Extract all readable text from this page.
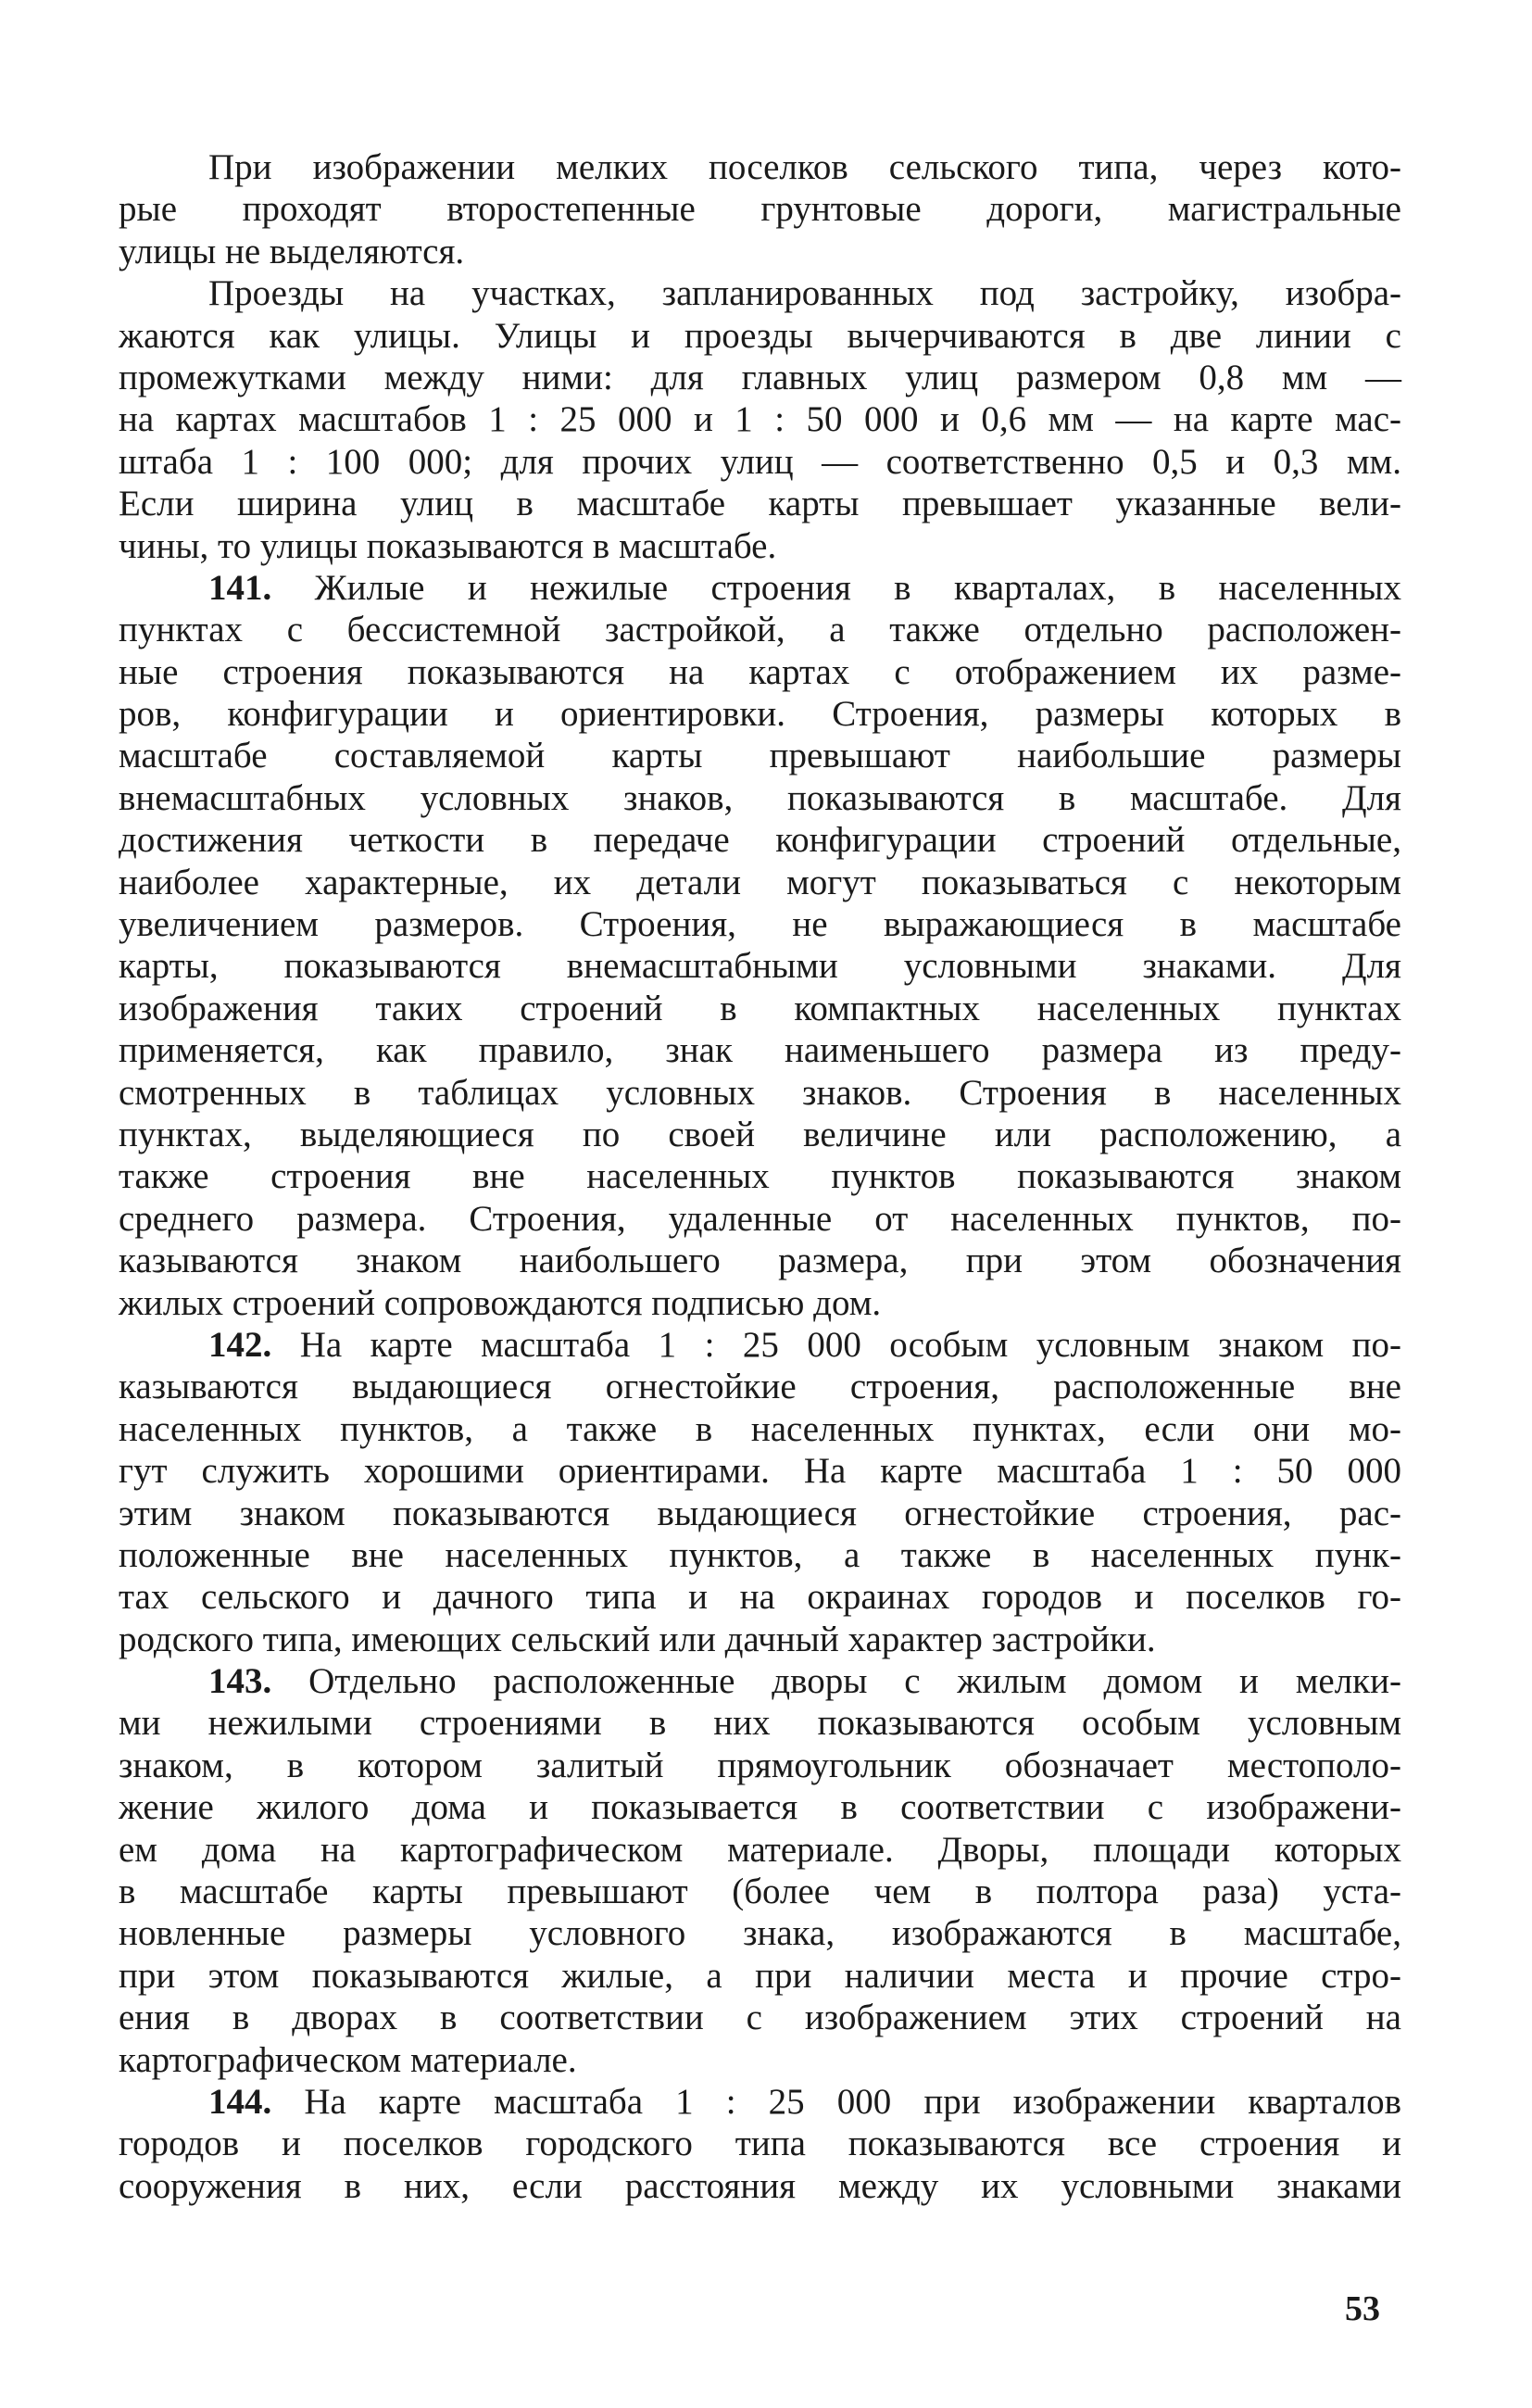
При изображении мелких поселков сельского типа, через кото-
рые проходят второстепенные грунтовые дороги, магистральные
улицы не выделяются.
Проезды на участках, запланированных под застройку, изобра-
жаются как улицы. Улицы и проезды вычерчиваются в две линии с
промежутками между ними: для главных улиц размером 0,8 мм —
на картах масштабов 1 : 25 000 и 1 : 50 000 и 0,6 мм — на карте мас-
штаба 1 : 100 000; для прочих улиц — соответственно 0,5 и 0,3 мм.
Если ширина улиц в масштабе карты превышает указанные вели-
чины, то улицы показываются в масштабе.
141. Жилые и нежилые строения в кварталах, в населенных
пунктах с бессистемной застройкой, а также отдельно расположен-
ные строения показываются на картах с отображением их разме-
ров, конфигурации и ориентировки. Строения, размеры которых в
масштабе составляемой карты превышают наибольшие размеры
внемасштабных условных знаков, показываются в масштабе. Для
достижения четкости в передаче конфигурации строений отдельные,
наиболее характерные, их детали могут показываться с некоторым
увеличением размеров. Строения, не выражающиеся в масштабе
карты, показываются внемасштабными условными знаками. Для
изображения таких строений в компактных населенных пунктах
применяется, как правило, знак наименьшего размера из преду-
смотренных в таблицах условных знаков. Строения в населенных
пунктах, выделяющиеся по своей величине или расположению, а
также строения вне населенных пунктов показываются знаком
среднего размера. Строения, удаленные от населенных пунктов, по-
казываются знаком наибольшего размера, при этом обозначения
жилых строений сопровождаются подписью дом.
142. На карте масштаба 1 : 25 000 особым условным знаком по-
казываются выдающиеся огнестойкие строения, расположенные вне
населенных пунктов, а также в населенных пунктах, если они мо-
гут служить хорошими ориентирами. На карте масштаба 1 : 50 000
этим знаком показываются выдающиеся огнестойкие строения, рас-
положенные вне населенных пунктов, а также в населенных пунк-
тах сельского и дачного типа и на окраинах городов и поселков го-
родского типа, имеющих сельский или дачный характер застройки.
143. Отдельно расположенные дворы с жилым домом и мелки-
ми нежилыми строениями в них показываются особым условным
знаком, в котором залитый прямоугольник обозначает местополо-
жение жилого дома и показывается в соответствии с изображени-
ем дома на картографическом материале. Дворы, площади которых
в масштабе карты превышают (более чем в полтора раза) уста-
новленные размеры условного знака, изображаются в масштабе,
при этом показываются жилые, а при наличии места и прочие стро-
ения в дворах в соответствии с изображением этих строений на
картографическом материале.
144. На карте масштаба 1 : 25 000 при изображении кварталов
городов и поселков городского типа показываются все строения и
сооружения в них, если расстояния между их условными знаками
53
